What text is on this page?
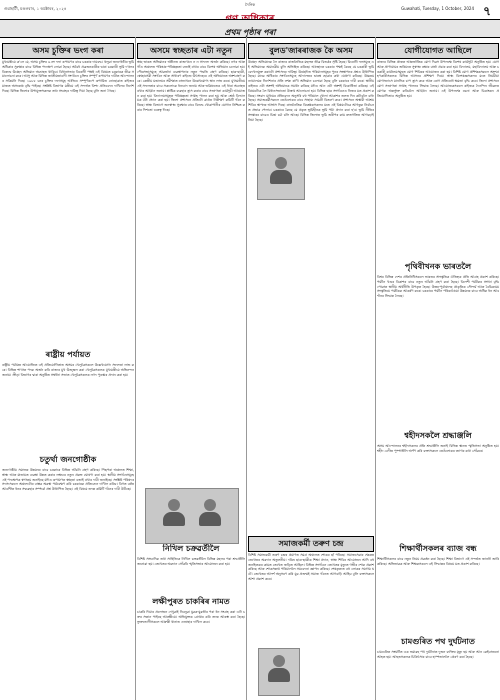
গুৱাহাটী, মঙলবাৰ, ১ অক্টোবৰ, ২০২৪
দৈনিক
Guwahati, Tuesday, 1 October, 2024 ৭
প্ৰথম পৃষ্ঠাৰ পৰা
অসম চুক্তিৰ ভংগ কৰা
মুখ্যমন্ত্ৰীয়ে ক'লে যে, অসম চুক্তিৰ ৬ নং দফা ৰূপায়ণৰ বাবে চৰকাৰ দায়বদ্ধ। থলুৱা জনগোষ্ঠীৰ ভূমি অধিকাৰ সুৰক্ষাৰ বাবে বিভিন্ন পদক্ষেপ লোৱা হৈছে। অবৈধ প্ৰব্ৰজনকাৰীৰ দ্বাৰা চৰকাৰী ভূমি দখলৰ বিৰুদ্ধে উচ্ছেদ অভিযান অব্যাহত থাকিব। বিধানসভাৰ বিৰোধী পক্ষই এই বিষয়ত চৰকাৰক তীব্ৰ সমালোচনা কৰে। আসু আৰু বিভিন্ন জাতীয়তাবাদী সংগঠনে চুক্তিৰ সম্পূৰ্ণ ৰূপায়ণৰ দাবীত আন্দোলনৰ সকিয়নি দিছে। ১৯৮৫ চনৰ চুক্তিৰ দফাসমূহ আজিও সম্পূৰ্ণৰূপে ৰূপায়িত নোহোৱাত ৰাইজৰ মাজত অসন্তোষ বৃদ্ধি পাইছে। সংশ্লিষ্ট বিভাগৰ মন্ত্ৰীয়ে এই সন্দৰ্ভত বিশদ প্ৰতিবেদন দাখিলৰ নিৰ্দেশ দিছে। বিভিন্ন জিলাৰ উপায়ুক্তসকলক তথ্য সংগ্ৰহৰ দায়িত্ব দিয়া হৈছে বুলি জনা গৈছে।
ৰাষ্ট্ৰীয় পৰ্যায়ত
ৰাষ্ট্ৰীয় পৰ্যায়ত আয়োজিত এই প্ৰতিযোগিতাত অসমৰ খেলুৱৈসকলে উল্লেখযোগ্য সফলতা লাভ কৰে। বিভিন্ন শাখাত পদক অৰ্জন কৰি ৰাজ্যৰ মুখ উজ্জ্বল কৰা খেলুৱৈসকলক মুখ্যমন্ত্ৰীয়ে অভিনন্দন জনায়। ক্ৰীড়া বিভাগৰ দ্বাৰা অনুষ্ঠিত সম্বৰ্ধনা সভাত খেলুৱৈসকলক নগদ পুৰস্কাৰ প্ৰদান কৰা হয়।
চতুৰ্থা জনগোষ্ঠীক
জনগোষ্ঠীয় সমাজৰ উন্নয়নৰ বাবে চৰকাৰে বিভিন্ন আঁচনি গ্ৰহণ কৰিছে। পিছপৰা অঞ্চলত শিক্ষা, স্বাস্থ্য আৰু যাতায়ত ব্যৱস্থা উন্নত কৰাৰ লক্ষ্যৰে নতুন প্ৰকল্প ঘোষণা কৰা হয়। স্থানীয় সংগঠনসমূহে এই পদক্ষেপক স্বাগতম জনাইছে যদিও ৰূপায়ণত স্বচ্ছতা বজাই ৰখাৰ দাবী জনাইছে। সংশ্লিষ্ট পৰিষদৰ সদস্যসকলে অঞ্চলটোৰ বাস্তৱ অৱস্থা পৰ্যবেক্ষণ কৰি চৰকাৰক প্ৰতিবেদন দাখিল কৰিব। বিগত বৰ্ষত আবণ্টিত ধনৰ সদ্ব্যৱহাৰ সম্পৰ্কে প্ৰশ্ন উত্থাপিত হৈছে। এই বিষয়ে তদন্ত কমিটি গঠনৰ দাবী উঠিছে।
অসমে স্বচ্ছতাৰ এটা নতুন
স্বচ্ছ ভাৰত অভিযানৰ অধীনত ৰাজ্যখনে ন ন সাফল্য অৰ্জন কৰিছে। নগৰ আৰু গাঁও অঞ্চলত পৰিষ্কাৰ-পৰিচ্ছন্নতা বজাই ৰখাৰ বাবে বিশেষ অভিযান চলোৱা হয়। পৌৰসভাসমূহে আৱৰ্জনা ব্যৱস্থাপনাৰ নতুন পদ্ধতি গ্ৰহণ কৰিছে। ছাত্ৰ-ছাত্ৰী, স্বেচ্ছাসেৱী সংগঠন আৰু সাধাৰণ ৰাইজে উৎসাহেৰে এই অভিযানত অংশগ্ৰহণ কৰে। কেন্দ্ৰীয় মন্ত্ৰালয়ৰ সমীক্ষাত ৰাজ্যখনে উল্লেখযোগ্য স্থান লাভ কৰে। মুখ্যমন্ত্ৰীয়ে এই সফলতাৰ বাবে সকলোকে ধন্যবাদ জনায় আৰু ভৱিষ্যতেও এই ধাৰা অব্যাহত ৰখাৰ আহ্বান জনায়। প্লাষ্টিক ব্যৱহাৰ হ্ৰাস কৰাৰ বাবে সজাগতা কাৰ্যসূচী আয়োজন কৰা হয়। বিদ্যালয়সমূহত পৰিচ্ছন্নতা সপ্তাহ পালন কৰা হয় আৰু শ্ৰেষ্ঠ বিদ্যালয়ক বঁটা প্ৰদান কৰা হয়। জিলা প্ৰশাসনে প্ৰতিটো ৱাৰ্ডত নিৰীক্ষণ কমিটি গঠন কৰিছে। স্বাস্থ্য বিভাগে জনস্বাস্থ্য সুৰক্ষাৰ বাবে বিশুদ্ধ খোৱাপানীৰ যোগান নিশ্চিত কৰাৰ দিশতো গুৰুত্ব দিছে।
নিখিল চক্ৰৱৰ্তীলৈ
বিশিষ্ট সাংবাদিক তথা সাহিত্যিক নিখিল চক্ৰৱৰ্তীলৈ বিভিন্ন মহলৰ পৰা শ্ৰদ্ধাঞ্জলি জনোৱা হয়। তেখেতৰ অৱদান সোঁৱৰি স্মৃতিসভাৰ আয়োজন কৰা হয়।
লক্ষীপুৰত চাকৰিৰ নামত
চাকৰি দিয়াৰ প্ৰলোভন দেখুৱাই নিবনুৱা যুৱক-যুৱতীৰ পৰা ধন সংগ্ৰহ কৰা এটা চক্ৰৰ সন্ধান পাইছে আৰক্ষীয়ে। অভিযুক্তক গ্ৰেপ্তাৰ কৰি তদন্ত আৰম্ভ কৰা হৈছে। ভুক্তভোগীসকলে আৰক্ষী থানাত এজাহাৰ দাখিল কৰে।
বুলড'জাৰৰাজক কৈ অসম
উচ্ছেদ অভিযানক লৈ ৰাজ্যৰ ৰাজনৈতিক মহলত তীব্ৰ বিতৰ্কৰ সৃষ্টি হৈছে। বিৰোধী দলসমূহে এই অভিযানক অমানৱীয় বুলি অভিহিত কৰিছে। আনহাতে চৰকাৰ পক্ষই কৈছে যে চৰকাৰী ভূমি বেদখলমুক্ত কৰাটো প্ৰশাসনৰ দায়িত্ব। উচ্ছেদিত পৰিয়ালসমূহৰ পুনৰ সংস্থাপনৰ প্ৰশ্নও উত্থাপিত হৈছে। মানৱ অধিকাৰ সংগঠনসমূহে আদালতৰ দ্বাৰস্থ হোৱাৰ কথা ঘোষণা কৰিছে। উচ্চতম ন্যায়ালয়ৰ নিৰ্দেশনাৰ প্ৰতি লক্ষ্য ৰাখি অভিযান চলোৱা হৈছে বুলি চৰকাৰে দাবী কৰে। স্থানীয় ৰাইজৰ এটা অংশই অভিযানক সমৰ্থন কৰিছে যদিও আন এটা অংশই বিৰোধিতা কৰিছে। এই বিষয়টোক লৈ বিধানসভাতো উত্তপ্ত আলোচনা হয়। বিভিন্ন ছাত্ৰ সংগঠনেও নিজৰ মত প্ৰকাশ কৰিছে। সংবাদ মাধ্যমৰ প্ৰতিবেদন অনুসৰি বহু পৰিয়াল খোলা আকাশৰ তলত দিন কটাবলৈ বাধ্য হৈছে। সমাজকৰ্মীসকলে তেওঁলোকৰ বাবে সাহায্য সামগ্ৰী বিতৰণ কৰে। প্ৰশাসনে অস্থায়ী আশ্ৰয় শিবিৰ স্থাপনৰ আশ্বাস দিছে। ৰাজনৈতিক বিশ্লেষকসকলৰ মতে এই বিষয়টোৱে আগন্তুক নিৰ্বাচনত প্ৰভাৱ পেলাব। চৰকাৰে কৈছে যে প্ৰকৃত ভূমিহীনক ভূমি পট্টা প্ৰদান কৰা হ'ব। ভূমি নীতিৰ সংস্কাৰৰ বাবেও চিন্তা চৰ্চা চলি আছে। বিভিন্ন জিলাত ভূমি জৰীপৰ কাম দ্ৰুতগতিত আগবঢ়াই নিয়া হৈছে।
সমাজকৰ্মী তৰুণ চন্দ্ৰ
বিশিষ্ট সমাজকৰ্মী তৰুণ চন্দ্ৰৰ প্ৰয়াণত সমগ্ৰ অঞ্চলত শোকৰ ছাঁ পৰিছে। সমাজসেৱাৰ ক্ষেত্ৰত তেখেতৰ অৱদান অতুলনীয়। দৰিদ্ৰ ছাত্ৰ-ছাত্ৰীক শিক্ষা প্ৰদান, স্বাস্থ্য শিবিৰ আয়োজন আদি বহু জনহিতকৰ কামত তেখেত জড়িত আছিল। বিভিন্ন সংগঠনে তেখেতৰ মৃত্যুত গভীৰ শোক প্ৰকাশ কৰিছে আৰু শোকসন্তপ্ত পৰিয়াললৈ সমবেদনা জ্ঞাপন কৰিছে। শেষকৃত্যত বহু লোকৰ সমাগম ঘটে। তেখেতৰ আদৰ্শ অনুসৰণ কৰি যুৱ প্ৰজন্মই সমাজ গঠনত আগবাঢ়ি আহিব বুলি বক্তাসকলে আশা প্ৰকাশ কৰে।
যোগীযোগত আছিলে
ৰাজ্যৰ বিভিন্ন প্ৰান্তত আন্তৰ্জাতিক যোগ দিৱস উপলক্ষে বিশেষ কাৰ্যসূচী অনুষ্ঠিত হয়। যোগ আৰু প্ৰাণায়ামৰ জৰিয়তে সুস্বাস্থ্য ৰক্ষাৰ বাৰ্তা প্ৰচাৰ কৰা হয়। বিদ্যালয়, মহাবিদ্যালয় আৰু চৰকাৰী কাৰ্যালয়সমূহত যোগ শিবিৰৰ আয়োজন কৰা হয়। বিশিষ্ট যোগ প্ৰশিক্ষকসকলে অংশগ্ৰহণকাৰীসকলক বিভিন্ন আসনৰ প্ৰশিক্ষণ দিয়ে। স্বাস্থ্য বিশেষজ্ঞসকলৰ মতে নিয়মীয়া যোগাভ্যাসে মানসিক চাপ হ্ৰাস কৰে আৰু ৰোগ প্ৰতিৰোধ ক্ষমতা বৃদ্ধি কৰে। জিলা প্ৰশাসনে যোগ সজাগতা সপ্তাহ পালনৰ সিদ্ধান্ত লৈছে। আয়োজকসকলে ৰাইজক দৈনন্দিন জীৱনত যোগক অন্তৰ্ভুক্ত কৰিবলৈ আহ্বান জনায়। এই উপলক্ষে ৰচনা আৰু চিত্ৰাংকন প্ৰতিযোগিতাও অনুষ্ঠিত হয়।
পৃথিবীখনক ভাৰতলৈ
বিশ্বৰ বিভিন্ন দেশৰ প্ৰতিনিধিসকলে ভাৰতৰ সাংস্কৃতিক ঐতিহ্যৰ প্ৰতি আগ্ৰহ প্ৰকাশ কৰিছে। পৰ্যটন খণ্ডৰ বিকাশৰ বাবে নতুন আঁচনি গ্ৰহণ কৰা হৈছে। বিদেশী পৰ্যটকৰ সংখ্যা বৃদ্ধি পোৱাত স্থানীয় অৰ্থনীতি উপকৃত হৈছে। উত্তৰ-পূৰ্বাঞ্চলৰ প্ৰাকৃতিক সৌন্দৰ্য আৰু বৈচিত্ৰ্যময় সংস্কৃতিয়ে পৰ্যটকক আকৰ্ষণ কৰে। চৰকাৰে পৰ্যটন পৰিকাঠামো উন্নয়নৰ বাবে অধিক ধন আবণ্টনৰ সিদ্ধান্ত লৈছে।
শ্বহীদসকলৈ শ্ৰদ্ধাঞ্জলি
অসম আন্দোলনৰ শ্বহীদসকলৰ প্ৰতি শ্ৰদ্ধাঞ্জলি জনাই বিভিন্ন স্থানত স্মৃতিসভা অনুষ্ঠিত হয়। শ্বহীদ বেদীত পুষ্পাঞ্জলি অৰ্পণ কৰি বক্তাসকলে তেওঁলোকৰ ত্যাগৰ কথা সোঁৱৰে।
শিক্ষাৰ্থীসকলৰ ব্যাজ বন্ধ
শিক্ষাৰ্থীসকলৰ বাবে নতুন নিয়ম প্ৰৱৰ্তন কৰা হৈছে। শিক্ষা বিভাগে এই সন্দৰ্ভত জাননী জাৰি কৰিছে। অভিভাৱক আৰু শিক্ষকসকলে এই সিদ্ধান্তৰ বিষয়ে মত প্ৰকাশ কৰিছে।
চামগুৰিত পথ দুৰ্ঘটনাত
চামগুৰিত সংঘটিত এক ভয়াৱহ পথ দুৰ্ঘটনাত দুজন ব্যক্তিৰ মৃত্যু হয় আৰু আন কেইবাজনো আহত হয়। আহতসকলক চিকিৎসাৰ বাবে হাস্পতাললৈ প্ৰেৰণ কৰা হৈছে।
